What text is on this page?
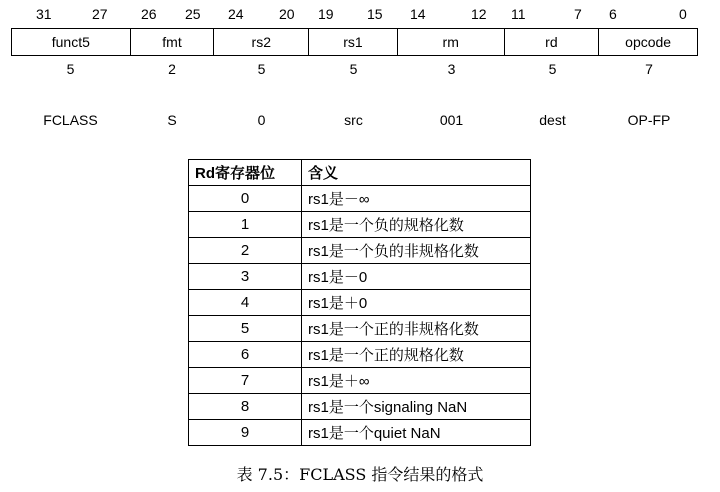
31	27 26 25 24	20 19 15 14	12 11	7 6	0
funct5	fmt	rs2	rs1	rm	rd	opcode
5	2	5	5	3	5	7
FCLASS	S	0	src	001	dest	OP-FP
Rd寄存器位	含义
0	rs1是－∞
1	rs1是一个负的规格化数
2	rs1是一个负的非规格化数
3	rs1是－0
4	rs1是＋0
5	rs1是一个正的非规格化数
6	rs1是一个正的规格化数
7	rs1是＋∞
8	rs1是一个signaling NaN
9	rs1是一个quiet NaN
表 7.5：FCLASS 指令结果的格式
